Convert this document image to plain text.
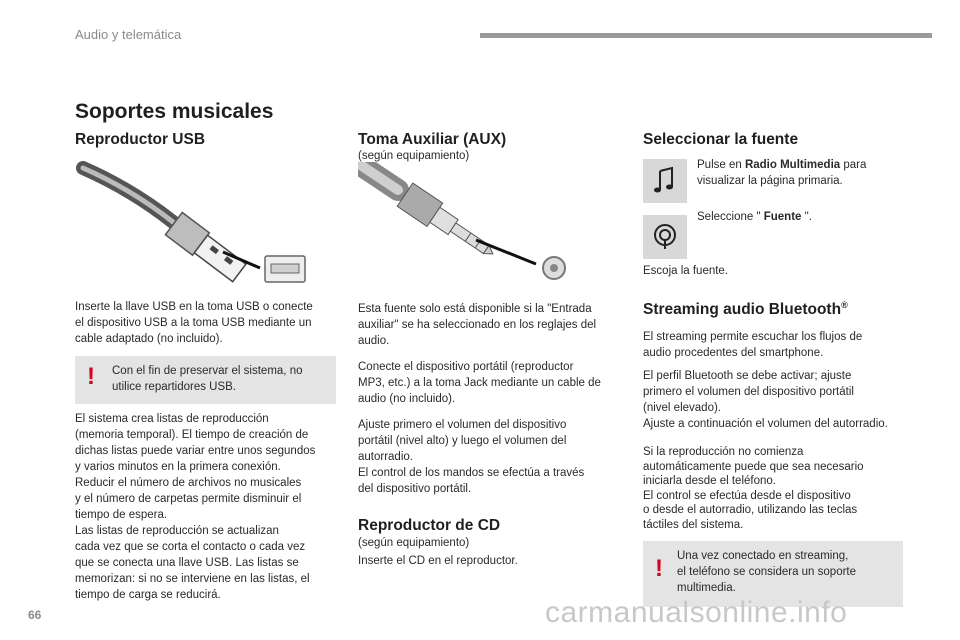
Audio y telemática
Soportes musicales
Reproductor USB

Inserte la llave USB en la toma USB o conecte

el dispositivo USB a la toma USB mediante un

cable adaptado (no incluido).

! Con el fin de preservar el sistema, no
utilice repartidores USB.

El sistema crea listas de reproducción

(memoria temporal). El tiempo de creación de

dichas listas puede variar entre unos segundos

y varios minutos en la primera conexión.

Reducir el número de archivos no musicales

y el número de carpetas permite disminuir el

tiempo de espera.

Las listas de reproducción se actualizan

cada vez que se corta el contacto o cada vez

que se conecta una llave USB. Las listas se

memorizan: si no se interviene en las listas, el

tiempo de carga se reducirá.

Toma Auxiliar (AUX)
(según equipamiento)

Esta fuente solo está disponible si la "Entrada

auxiliar" se ha seleccionado en los reglajes del

audio.

Conecte el dispositivo portátil (reproductor

MP3, etc.) a la toma Jack mediante un cable de

audio (no incluido).

Ajuste primero el volumen del dispositivo

portátil (nivel alto) y luego el volumen del

autorradio.

El control de los mandos se efectúa a través

del dispositivo portátil.

Reproductor de CD
(según equipamiento)
Inserte el CD en el reproductor.
Seleccionar la fuente

Pulse en Radio Multimedia para

visualizar la página primaria.

Seleccione " Fuente ".

Escoja la fuente.
Streaming audio Bluetooth®

El streaming permite escuchar los flujos de

audio procedentes del smartphone.

El perfil Bluetooth se debe activar; ajuste

primero el volumen del dispositivo portátil

(nivel elevado).

Ajuste a continuación el volumen del autorradio.

Si la reproducción no comienza

automáticamente puede que sea necesario

iniciarla desde el teléfono.

El control se efectúa desde el dispositivo

o desde el autorradio, utilizando las teclas

táctiles del sistema.

! Una vez conectado en streaming,
el teléfono se considera un soporte
multimedia.
66	carmanualsonline.info
